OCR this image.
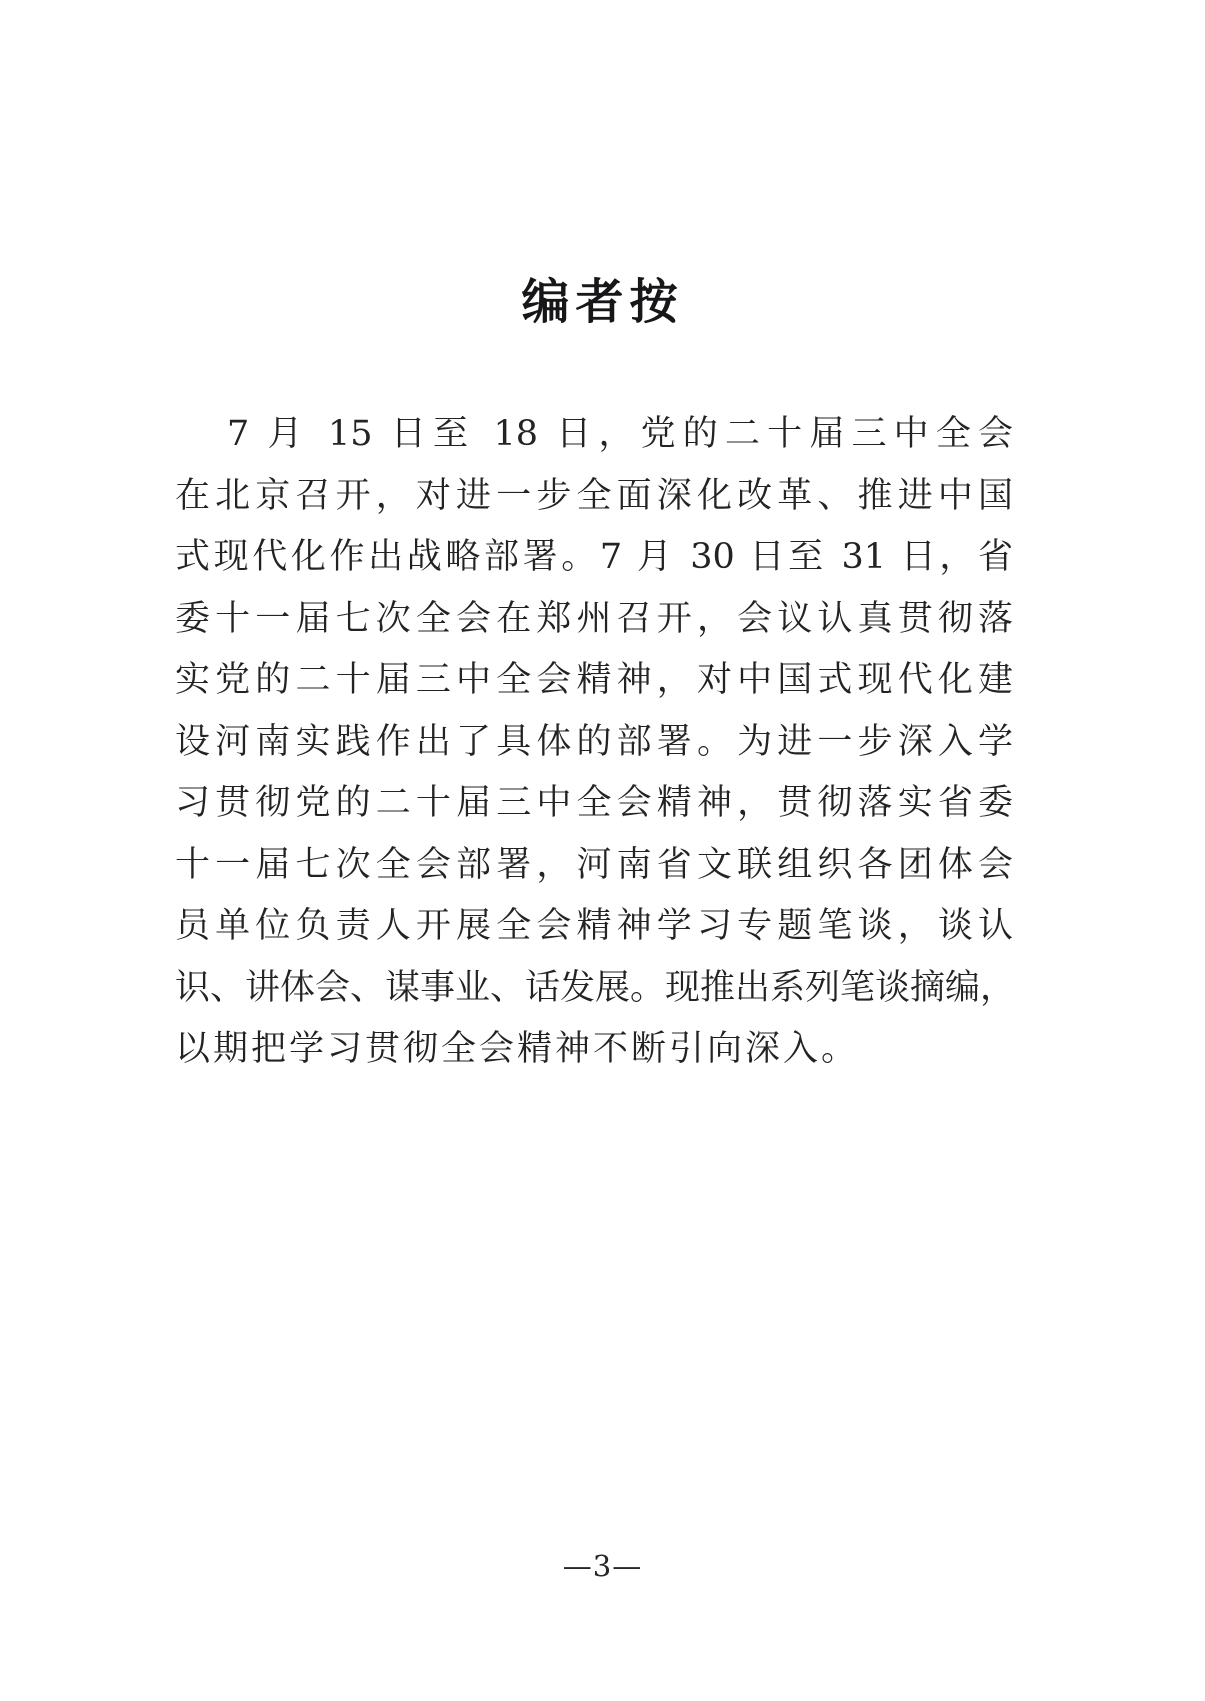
编者按
7 月 15 日至 18 日，党的二十届三中全会
在北京召开，对进一步全面深化改革、推进中国
式现代化作出战略部署。7 月 30 日至 31 日，省
委十一届七次全会在郑州召开，会议认真贯彻落
实党的二十届三中全会精神，对中国式现代化建
设河南实践作出了具体的部署。为进一步深入学
习贯彻党的二十届三中全会精神，贯彻落实省委
十一届七次全会部署，河南省文联组织各团体会
员单位负责人开展全会精神学习专题笔谈，谈认
识、讲体会、谋事业、话发展。现推出系列笔谈摘编，
以期把学习贯彻全会精神不断引向深入。
—3—
